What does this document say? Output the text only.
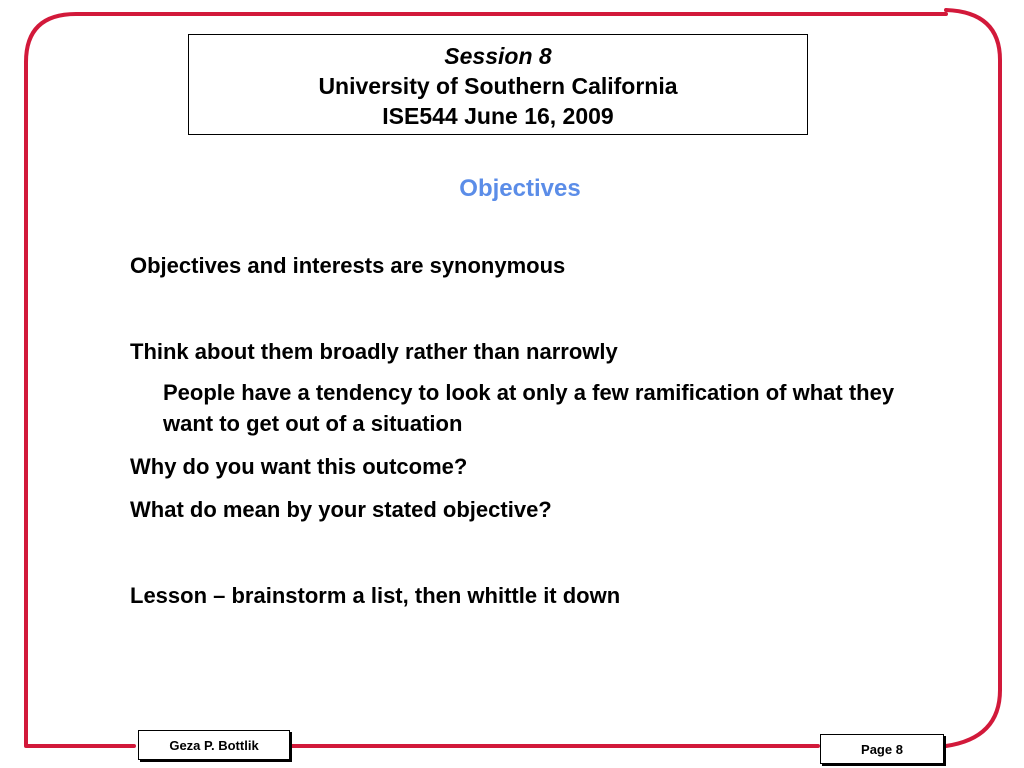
Session 8
University of Southern California
ISE544 June 16, 2009
Objectives
Objectives and interests are synonymous
Think about them broadly rather than narrowly
People have a tendency to look at only a few ramification of what they want to get out of a situation
Why do you want this outcome?
What do mean by your stated objective?
Lesson – brainstorm a list, then whittle it down
Geza P. Bottlik	Page 8
